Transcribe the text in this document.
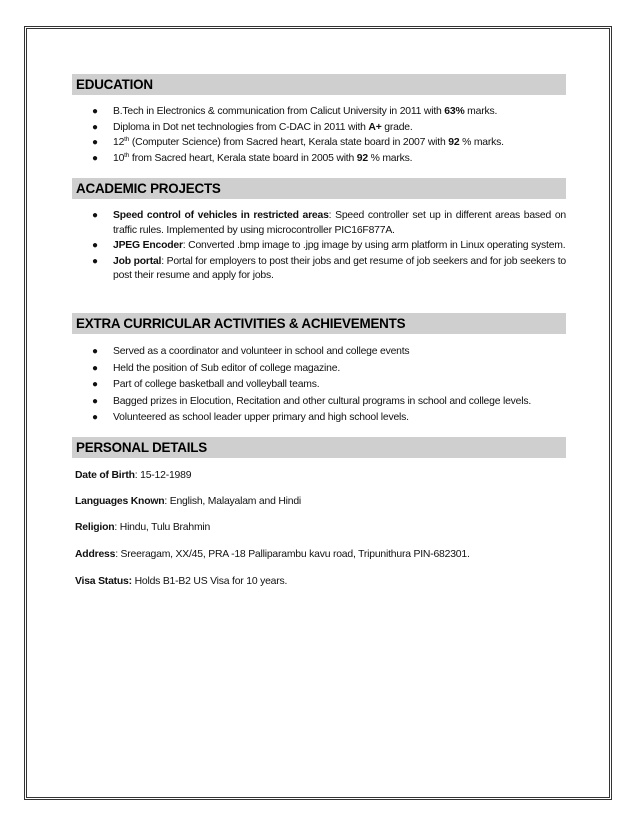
EDUCATION
● B.Tech in Electronics & communication from Calicut University in 2011 with 63% marks.
● Diploma in Dot net technologies from C-DAC in 2011 with A+ grade.
● 12th (Computer Science) from Sacred heart, Kerala state board in 2007 with 92 % marks.
● 10th from Sacred heart, Kerala state board in 2005 with 92 % marks.
ACADEMIC PROJECTS
● Speed control of vehicles in restricted areas: Speed controller set up in different areas based on traffic rules. Implemented by using microcontroller PIC16F877A.
● JPEG Encoder: Converted .bmp image to .jpg image by using arm platform in Linux operating system.
● Job portal: Portal for employers to post their jobs and get resume of job seekers and for job seekers to post their resume and apply for jobs.
EXTRA CURRICULAR ACTIVITIES & ACHIEVEMENTS
● Served as a coordinator and volunteer in school and college events
● Held the position of Sub editor of college magazine.
● Part of college basketball and volleyball teams.
● Bagged prizes in Elocution, Recitation and other cultural programs in school and college levels.
● Volunteered as school leader upper primary and high school levels.
PERSONAL DETAILS
Date of Birth: 15-12-1989
Languages Known: English, Malayalam and Hindi
Religion: Hindu, Tulu Brahmin
Address: Sreeragam, XX/45, PRA -18 Palliparambu kavu road, Tripunithura PIN-682301.
Visa Status: Holds B1-B2 US Visa for 10 years.
